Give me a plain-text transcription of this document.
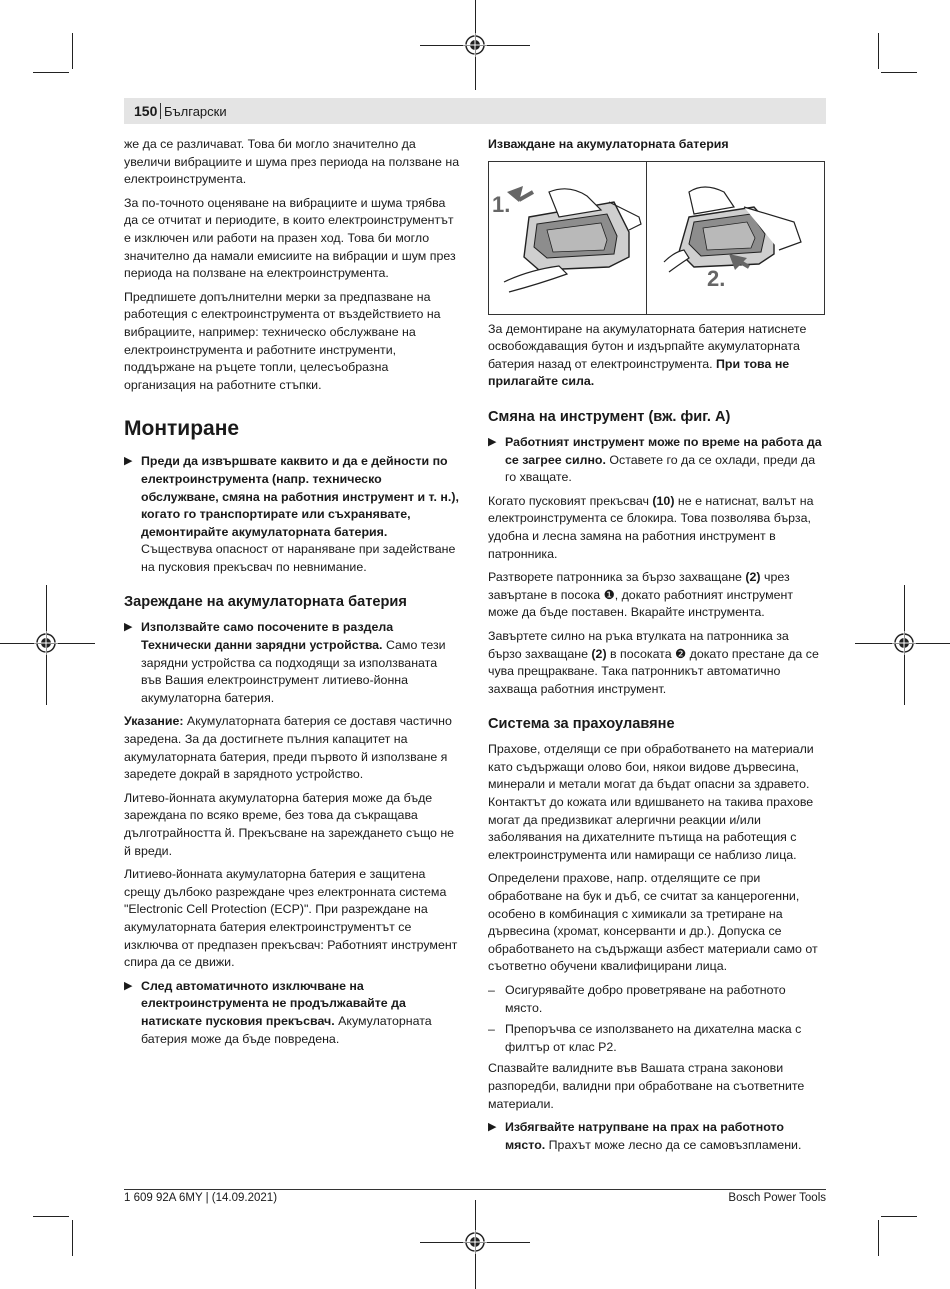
150 Български

же да се различават. Това би могло значително да увеличи вибрациите и шума през периода на ползване на електроинструмента.

За по-точното оценяване на вибрациите и шума трябва да се отчитат и периодите, в които електроинструментът е изключен или работи на празен ход. Това би могло значително да намали емисиите на вибрации и шум през периода на ползване на електроинструмента.

Предпишете допълнителни мерки за предпазване на работещия с електроинструмента от въздействието на вибрациите, например: техническо обслужване на електроинструмента и работните инструменти, поддържане на ръцете топли, целесъобразна организация на работните стъпки.

Монтиране
▶ Преди да извършвате каквито и да е дейности по електроинструмента (напр. техническо обслужване, смяна на работния инструмент и т. н.), когато го транспортирате или съхранявате, демонтирайте акумулаторната батерия. Съществува опасност от нараняване при задействане на пусковия прекъсвач по невнимание.
Зареждане на акумулаторната батерия
▶ Използвайте само посочените в раздела Технически данни зарядни устройства. Само тези зарядни устройства са подходящи за използваната във Вашия електроинструмент литиево-йонна акумулаторна батерия.

Указание: Акумулаторната батерия се доставя частично заредена. За да достигнете пълния капацитет на акумулаторната батерия, преди първото й използване я заредете докрай в зарядното устройство.

Литево-йонната акумулаторна батерия може да бъде зареждана по всяко време, без това да съкращава дълготрайността й. Прекъсване на зареждането също не й вреди.

Литиево-йонната акумулаторна батерия е защитена срещу дълбоко разреждане чрез електронната система "Electronic Cell Protection (ECP)". При разреждане на акумулаторната батерия електроинструментът се изключва от предпазен прекъсвач: Работният инструмент спира да се движи.

▶ След автоматичното изключване на електроинструмента не продължавайте да натискате пусковия прекъсвач. Акумулаторната батерия може да бъде повредена.
Изваждане на акумулаторната батерия
1.
2.

За демонтиране на акумулаторната батерия натиснете освобождаващия бутон и издърпайте акумулаторната батерия назад от електроинструмента. При това не прилагайте сила.

Смяна на инструмент (вж. фиг. A)
▶ Работният инструмент може по време на работа да се загрее силно. Оставете го да се охлади, преди да го хващате.

Когато пусковият прекъсвач (10) не е натиснат, валът на електроинструмента се блокира. Това позволява бърза, удобна и лесна замяна на работния инструмент в патронника.

Разтворете патронника за бързо захващане (2) чрез завъртане в посока ❶, докато работният инструмент може да бъде поставен. Вкарайте инструмента.

Завъртете силно на ръка втулката на патронника за бързо захващане (2) в посоката ❷ докато престане да се чува прещракване. Така патронникът автоматично захваща работния инструмент.

Система за прахоулавяне

Прахове, отделящи се при обработването на материали като съдържащи олово бои, някои видове дървесина, минерали и метали могат да бъдат опасни за здравето. Контактът до кожата или вдишването на такива прахове могат да предизвикат алергични реакции и/или заболявания на дихателните пътища на работещия с електроинструмента или намиращи се наблизо лица.

Определени прахове, напр. отделящите се при обработване на бук и дъб, се считат за канцерогенни, особено в комбинация с химикали за третиране на дървесина (хромат, консерванти и др.). Допуска се обработването на съдържащи азбест материали само от съответно обучени квалифицирани лица.

– Осигурявайте добро проветряване на работното място.
– Препоръчва се използването на дихателна маска с филтър от клас P2.

Спазвайте валидните във Вашата страна законови разпоредби, валидни при обработване на съответните материали.

▶ Избягвайте натрупване на прах на работното място. Прахът може лесно да се самовъзпламени.
1 609 92A 6MY | (14.09.2021)	Bosch Power Tools
